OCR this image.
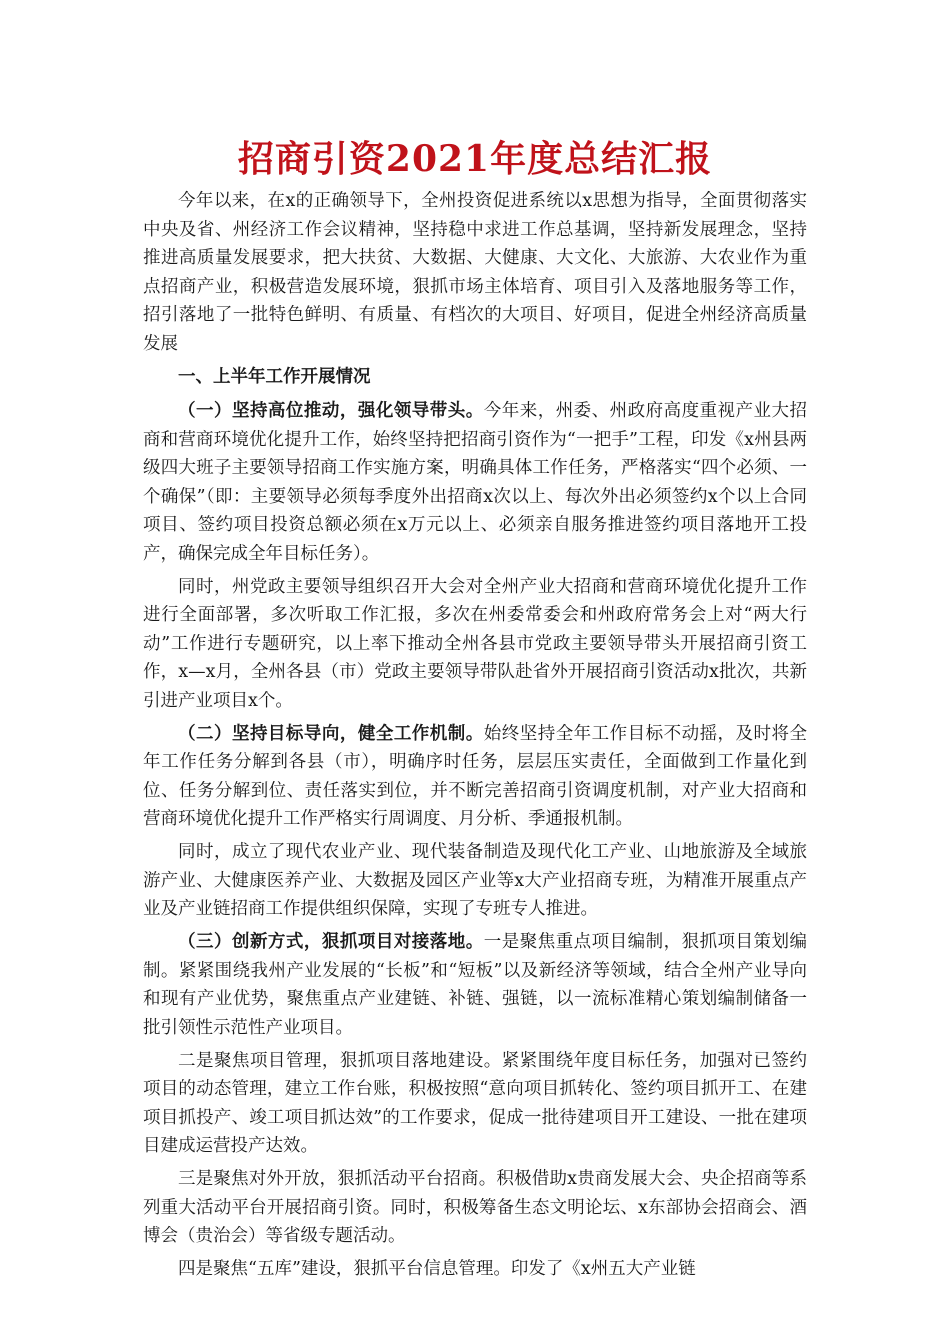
招商引资2021年度总结汇报

今年以来，在x的正确领导下，全州投资促进系统以x思想为指导，全面贯彻落实中央及省、州经济工作会议精神，坚持稳中求进工作总基调，坚持新发展理念，坚持推进高质量发展要求，把大扶贫、大数据、大健康、大文化、大旅游、大农业作为重点招商产业，积极营造发展环境，狠抓市场主体培育、项目引入及落地服务等工作，招引落地了一批特色鲜明、有质量、有档次的大项目、好项目，促进全州经济高质量发展

一、上半年工作开展情况

（一）坚持高位推动，强化领导带头。今年来，州委、州政府高度重视产业大招商和营商环境优化提升工作，始终坚持把招商引资作为“一把手”工程，印发《x州县两级四大班子主要领导招商工作实施方案，明确具体工作任务，严格落实“四个必须、一个确保”（即：主要领导必须每季度外出招商x次以上、每次外出必须签约x个以上合同项目、签约项目投资总额必须在x万元以上、必须亲自服务推进签约项目落地开工投产，确保完成全年目标任务）。

同时，州党政主要领导组织召开大会对全州产业大招商和营商环境优化提升工作进行全面部署，多次听取工作汇报，多次在州委常委会和州政府常务会上对“两大行动”工作进行专题研究，以上率下推动全州各县市党政主要领导带头开展招商引资工作，x—x月，全州各县（市）党政主要领导带队赴省外开展招商引资活动x批次，共新引进产业项目x个。

（二）坚持目标导向，健全工作机制。始终坚持全年工作目标不动摇，及时将全年工作任务分解到各县（市），明确序时任务，层层压实责任，全面做到工作量化到位、任务分解到位、责任落实到位，并不断完善招商引资调度机制，对产业大招商和营商环境优化提升工作严格实行周调度、月分析、季通报机制。

同时，成立了现代农业产业、现代装备制造及现代化工产业、山地旅游及全域旅游产业、大健康医养产业、大数据及园区产业等x大产业招商专班，为精准开展重点产业及产业链招商工作提供组织保障，实现了专班专人推进。

（三）创新方式，狠抓项目对接落地。一是聚焦重点项目编制，狠抓项目策划编制。紧紧围绕我州产业发展的“长板”和“短板”以及新经济等领域，结合全州产业导向和现有产业优势，聚焦重点产业建链、补链、强链，以一流标准精心策划编制储备一批引领性示范性产业项目。

二是聚焦项目管理，狠抓项目落地建设。紧紧围绕年度目标任务，加强对已签约项目的动态管理，建立工作台账，积极按照“意向项目抓转化、签约项目抓开工、在建项目抓投产、竣工项目抓达效”的工作要求，促成一批待建项目开工建设、一批在建项目建成运营投产达效。

三是聚焦对外开放，狠抓活动平台招商。积极借助x贵商发展大会、央企招商等系列重大活动平台开展招商引资。同时，积极筹备生态文明论坛、x东部协会招商会、酒博会（贵治会）等省级专题活动。

四是聚焦“五库”建设，狠抓平台信息管理。印发了《x州五大产业链
